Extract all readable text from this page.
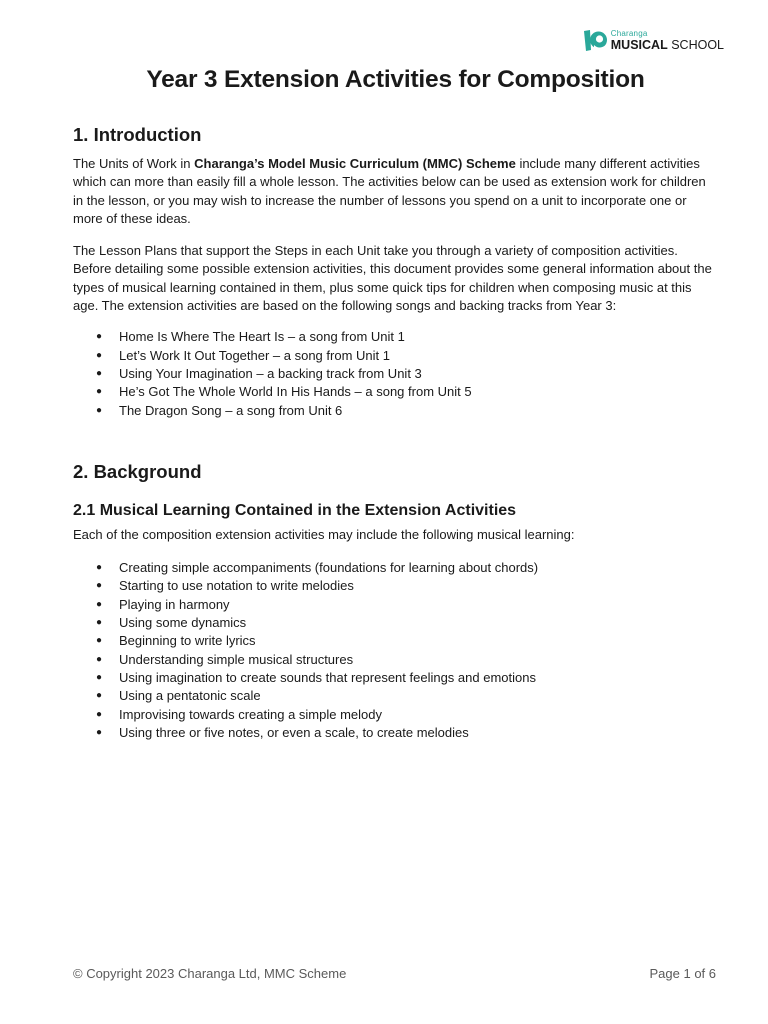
Charanga
MUSICAL SCHOOL
Year 3 Extension Activities for Composition
1. Introduction

The Units of Work in Charanga’s Model Music Curriculum (MMC) Scheme include many different activities which can more than easily fill a whole lesson. The activities below can be used as extension work for children in the lesson, or you may wish to increase the number of lessons you spend on a unit to incorporate one or more of these ideas.

The Lesson Plans that support the Steps in each Unit take you through a variety of composition activities. Before detailing some possible extension activities, this document provides some general information about the types of musical learning contained in them, plus some quick tips for children when composing music at this age. The extension activities are based on the following songs and backing tracks from Year 3:

● Home Is Where The Heart Is – a song from Unit 1
● Let’s Work It Out Together – a song from Unit 1
● Using Your Imagination – a backing track from Unit 3
● He’s Got The Whole World In His Hands – a song from Unit 5
● The Dragon Song – a song from Unit 6
2. Background
2.1 Musical Learning Contained in the Extension Activities

Each of the composition extension activities may include the following musical learning:

● Creating simple accompaniments (foundations for learning about chords)
● Starting to use notation to write melodies
● Playing in harmony
● Using some dynamics
● Beginning to write lyrics
● Understanding simple musical structures
● Using imagination to create sounds that represent feelings and emotions
● Using a pentatonic scale
● Improvising towards creating a simple melody
● Using three or five notes, or even a scale, to create melodies
© Copyright 2023 Charanga Ltd, MMC Scheme	Page 1 of 6
